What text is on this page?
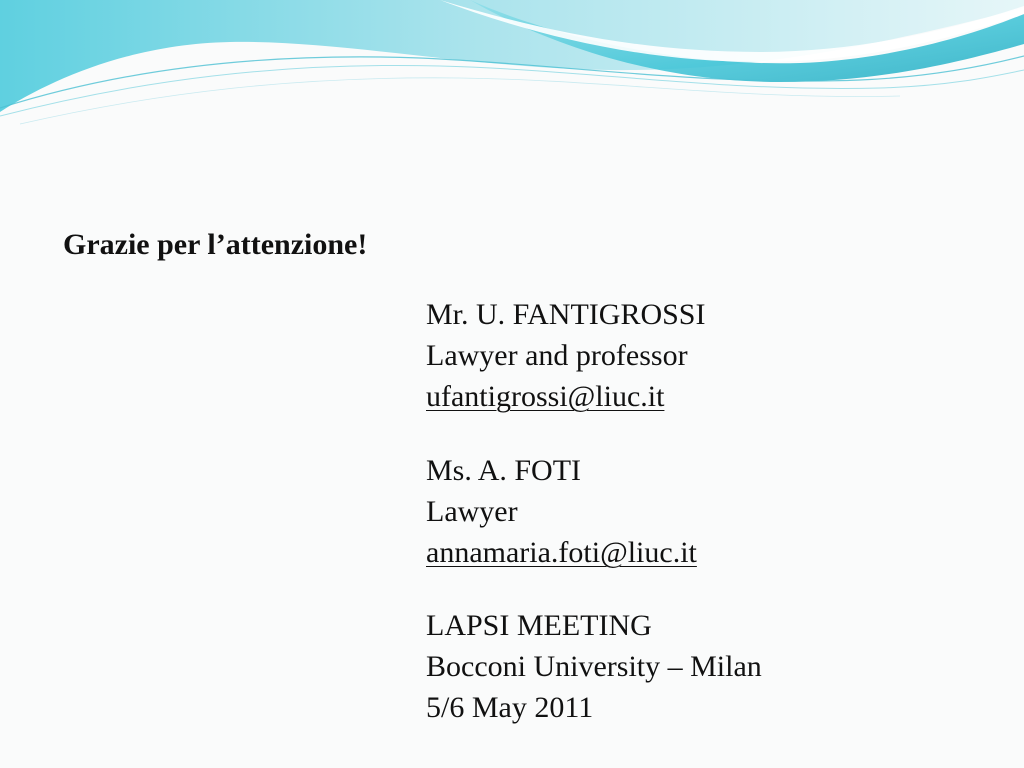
Grazie per l’attenzione!
Mr. U. FANTIGROSSI
Lawyer and professor
ufantigrossi@liuc.it
Ms. A. FOTI
Lawyer
annamaria.foti@liuc.it
LAPSI MEETING
Bocconi University – Milan
5/6 May 2011
